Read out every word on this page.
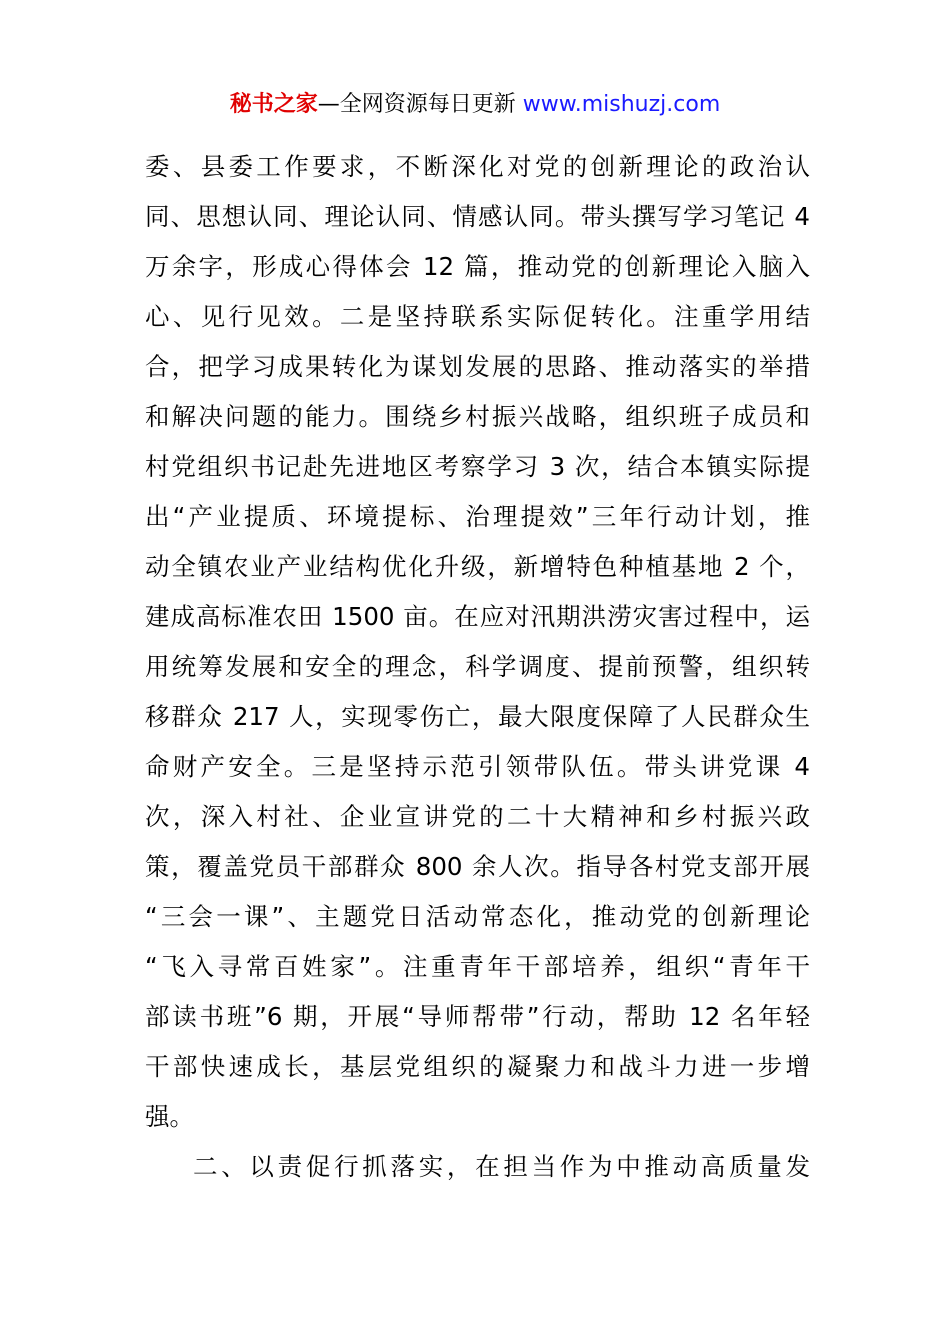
秘书之家—全网资源每日更新 www.mishuzj.com
委、县委工作要求，不断深化对党的创新理论的政治认
同、思想认同、理论认同、情感认同。带头撰写学习笔记 4
万余字，形成心得体会 12 篇，推动党的创新理论入脑入
心、见行见效。二是坚持联系实际促转化。注重学用结
合，把学习成果转化为谋划发展的思路、推动落实的举措
和解决问题的能力。围绕乡村振兴战略，组织班子成员和
村党组织书记赴先进地区考察学习 3 次，结合本镇实际提
出“产业提质、环境提标、治理提效”三年行动计划，推
动全镇农业产业结构优化升级，新增特色种植基地 2 个，
建成高标准农田 1500 亩。在应对汛期洪涝灾害过程中，运
用统筹发展和安全的理念，科学调度、提前预警，组织转
移群众 217 人，实现零伤亡，最大限度保障了人民群众生
命财产安全。三是坚持示范引领带队伍。带头讲党课 4
次，深入村社、企业宣讲党的二十大精神和乡村振兴政
策，覆盖党员干部群众 800 余人次。指导各村党支部开展
“三会一课”、主题党日活动常态化，推动党的创新理论
“飞入寻常百姓家”。注重青年干部培养，组织“青年干
部读书班”6 期，开展“导师帮带”行动，帮助 12 名年轻
干部快速成长，基层党组织的凝聚力和战斗力进一步增
强。
二、以责促行抓落实，在担当作为中推动高质量发
